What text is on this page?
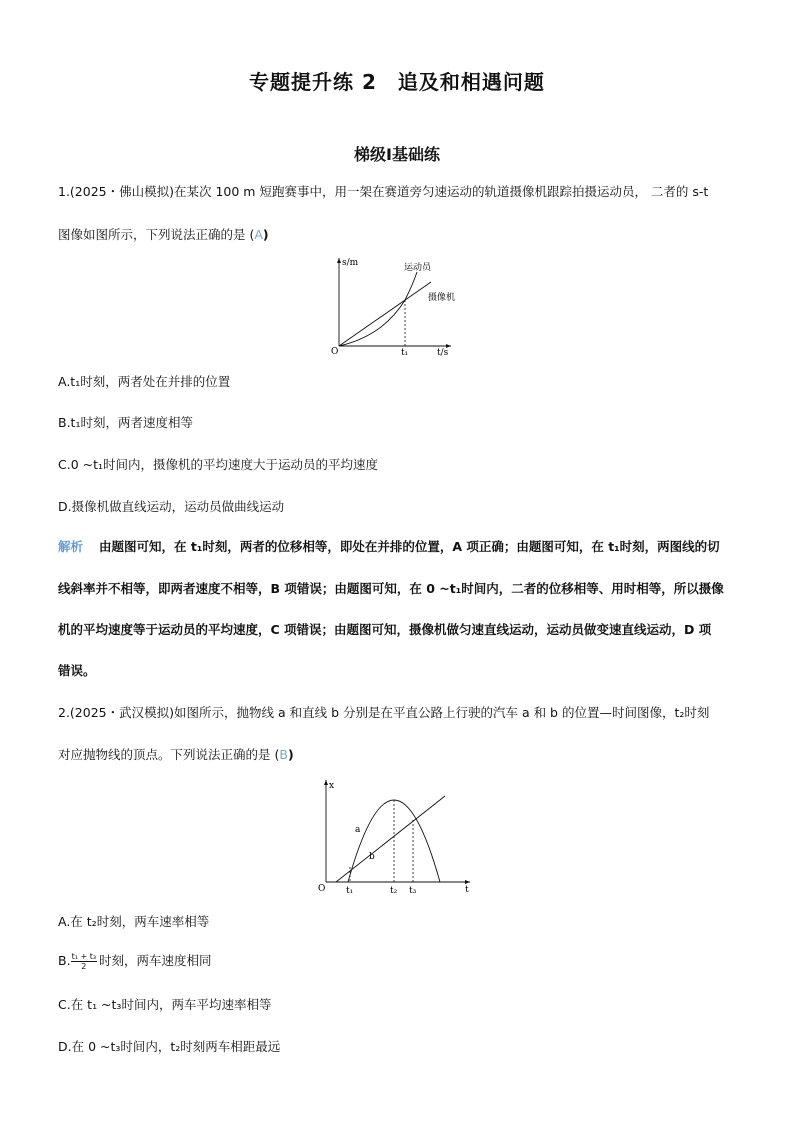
专题提升练 2　追及和相遇问题
梯级Ⅰ基础练
1.(2025・佛山模拟)在某次 100 m 短跑赛事中，用一架在赛道旁匀速运动的轨道摄像机跟踪拍摄运动员， 二者的 s-t
图像如图所示，下列说法正确的是 (A)
s/m
t/s
O	t₁
运动员
摄像机
A.t₁时刻，两者处在并排的位置
B.t₁时刻，两者速度相等
C.0 ~t₁时间内，摄像机的平均速度大于运动员的平均速度
D.摄像机做直线运动，运动员做曲线运动
解析 由题图可知，在 t₁时刻，两者的位移相等，即处在并排的位置，A 项正确；由题图可知，在 t₁时刻，两图线的切
线斜率并不相等，即两者速度不相等，B 项错误；由题图可知，在 0 ~t₁时间内，二者的位移相等、用时相等，所以摄像
机的平均速度等于运动员的平均速度，C 项错误；由题图可知，摄像机做匀速直线运动，运动员做变速直线运动，D 项
错误。
2.(2025・武汉模拟)如图所示，抛物线 a 和直线 b 分别是在平直公路上行驶的汽车 a 和 b 的位置—时间图像，t₂时刻
对应抛物线的顶点。下列说法正确的是 (B)
x
t
O t₁	t₂ t₃
a
b
A.在 t₂时刻，两车速率相等
B. $\frac{\text{t₁ + t₃}}{2}$ 时刻，两车速度相同
C.在 t₁ ~t₃时间内，两车平均速率相等
D.在 0 ~t₃时间内，t₂时刻两车相距最远
